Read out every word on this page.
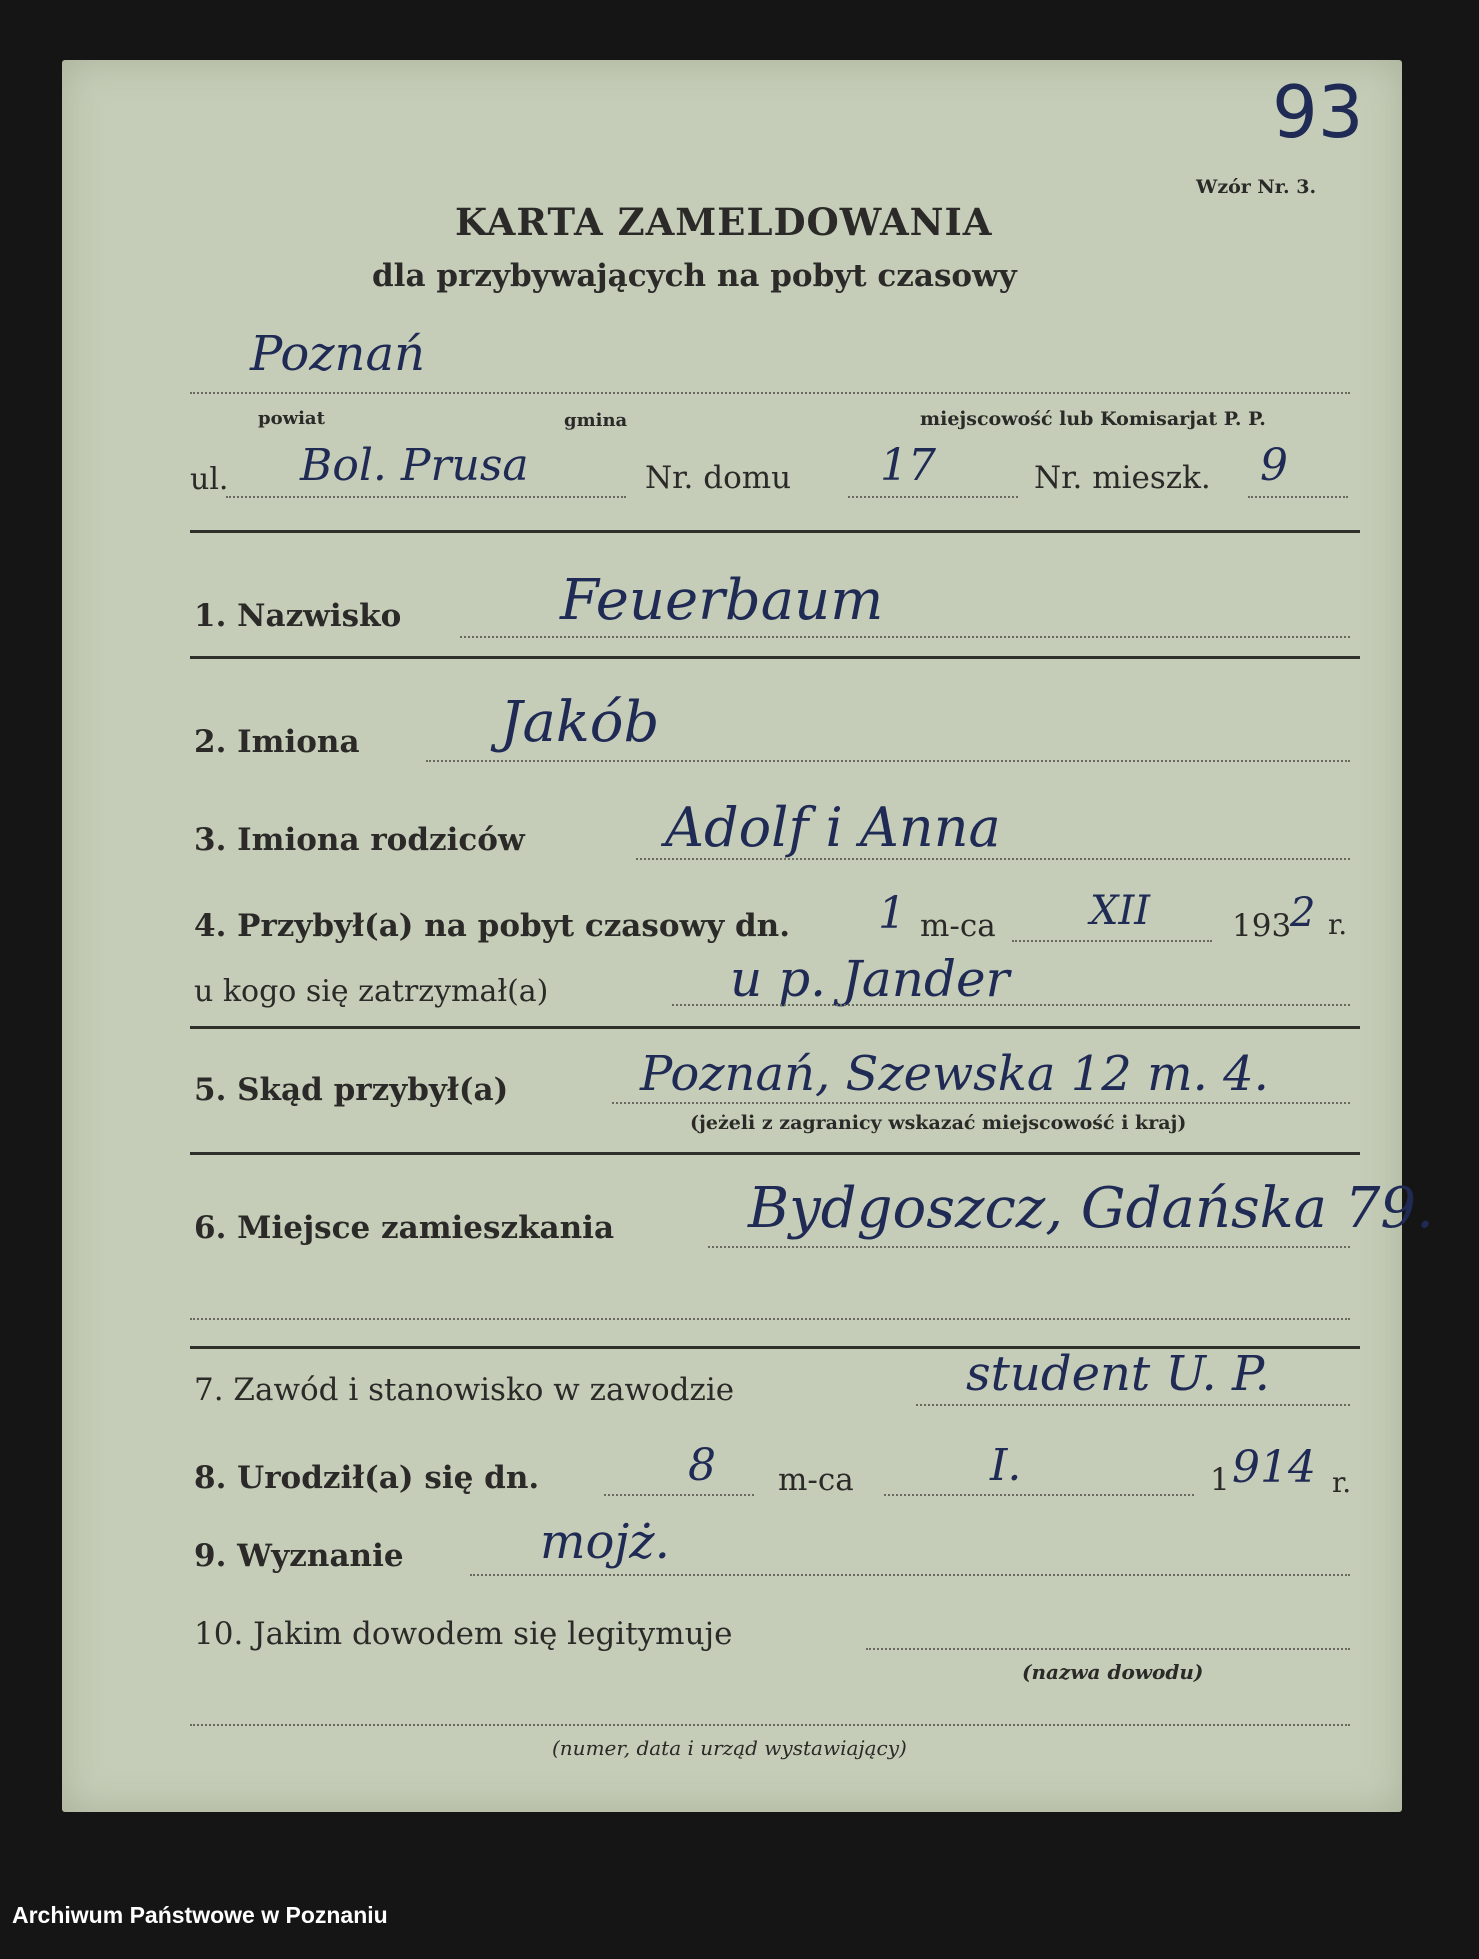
93
Wzór Nr. 3.
KARTA ZAMELDOWANIA
dla przybywających na pobyt czasowy
Poznań
powiat	gmina	miejscowość lub Komisarjat P. P.
ul. Bol. Prusa	Nr. domu 17	Nr. mieszk. 9
1. Nazwisko	Feuerbaum
2. Imiona	Jakób
3. Imiona rodziców	Adolf i Anna
4. Przybył(a) na pobyt czasowy dn. 1 m-ca XII	193
2 r.
u kogo się zatrzymał(a)	u p. Jander
5. Skąd przybył(a)	Poznań, Szewska 12 m. 4.
(jeżeli z zagranicy wskazać miejscowość i kraj)
6. Miejsce zamieszkania Bydgoszcz, Gdańska 79.
7. Zawód i stanowisko w zawodzie	student U. P.
8. Urodził(a) się dn.	8 m-ca	I.	1 914 r.
9. Wyznanie	mojż.
10. Jakim dowodem się legitymuje
(nazwa dowodu)
(numer, data i urząd wystawiający)
Archiwum Państwowe w Poznaniu
